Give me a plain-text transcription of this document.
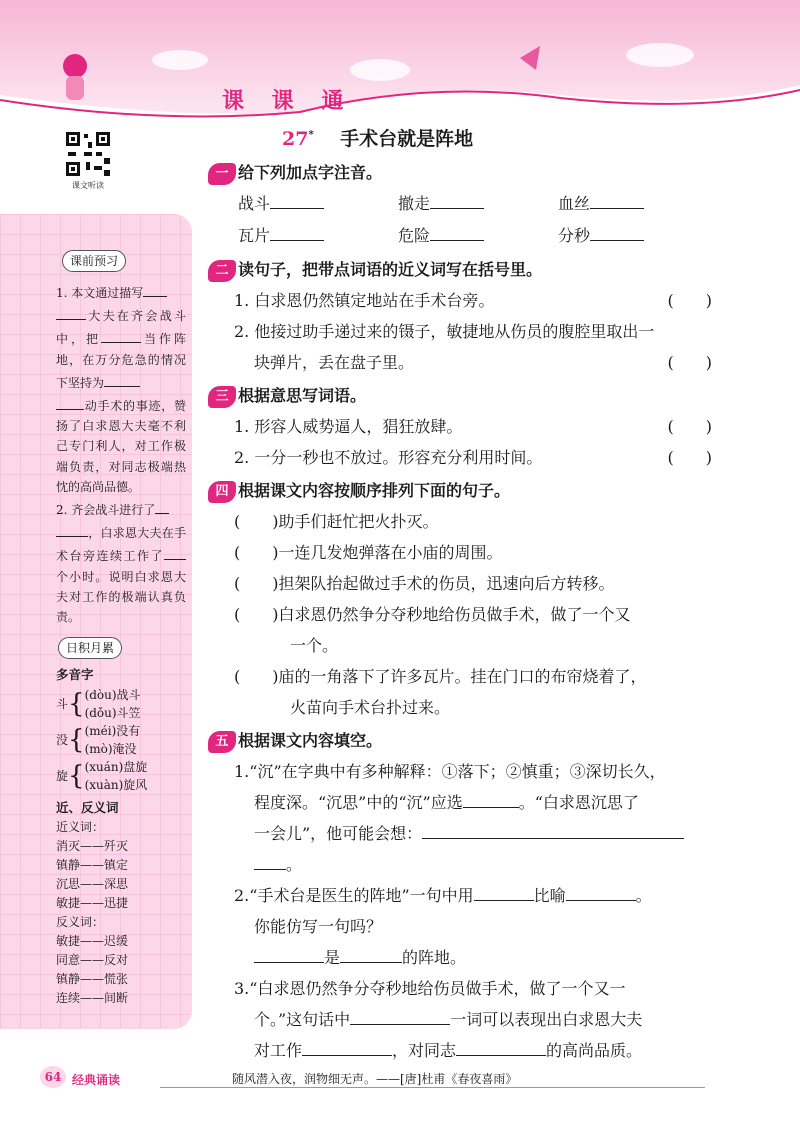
课 课 通
课文听读
27* 手术台就是阵地
课前预习

1. 本文通过描写
大夫在齐会战斗中，把	当作阵地，在万分危急的情况下坚持为
动手术的事迹，赞扬了白求恩大夫毫不利己专门利人，对工作极端负责，对同志极端热忱的高尚品德。

2. 齐会战斗进行了
，白求恩大夫在手术台旁连续工作了个小时。说明白求恩大夫对工作的极端认真负责。

日积月累
多音字
斗 { (dòu)战斗
(dǒu)斗笠
没 { (méi)没有
(mò)淹没
旋 { (xuán)盘旋
(xuàn)旋风
近、反义词
近义词：
消灭——歼灭
镇静——镇定
沉思——深思
敏捷——迅捷
反义词：
敏捷——迟缓
同意——反对
镇静——慌张
连续——间断
一 给下列加点字注音。
战斗	撤走	血丝
瓦片	危险	分秒
二 读句子，把带点词语的近义词写在括号里。
1. 白求恩仍然镇定地站在手术台旁。	(　　)
2. 他接过助手递过来的镊子，敏捷地从伤员的腹腔里取出一
块弹片，丢在盘子里。	(　　)
三 根据意思写词语。
1. 形容人威势逼人，猖狂放肆。	(　　)
2. 一分一秒也不放过。形容充分利用时间。	(　　)
四 根据课文内容按顺序排列下面的句子。
(　　)助手们赶忙把火扑灭。
(　　)一连几发炮弹落在小庙的周围。
(　　)担架队抬起做过手术的伤员，迅速向后方转移。
(　　)白求恩仍然争分夺秒地给伤员做手术，做了一个又
一个。
(　　)庙的一角落下了许多瓦片。挂在门口的布帘烧着了，
火苗向手术台扑过来。
五 根据课文内容填空。
1.“沉”在字典中有多种解释：①落下；②慎重；③深切长久，
程度深。“沉思”中的“沉”应选	。“白求恩沉思了
一会儿”，他可能会想：
。
2.“手术台是医生的阵地”一句中用	比喻	。
你能仿写一句吗？
是	的阵地。
3.“白求恩仍然争分夺秒地给伤员做手术，做了一个又一
个。”这句话中	一词可以表现出白求恩大夫
对工作	，对同志	的高尚品质。
64 经典诵读	随风潜入夜，润物细无声。——[唐]杜甫《春夜喜雨》
